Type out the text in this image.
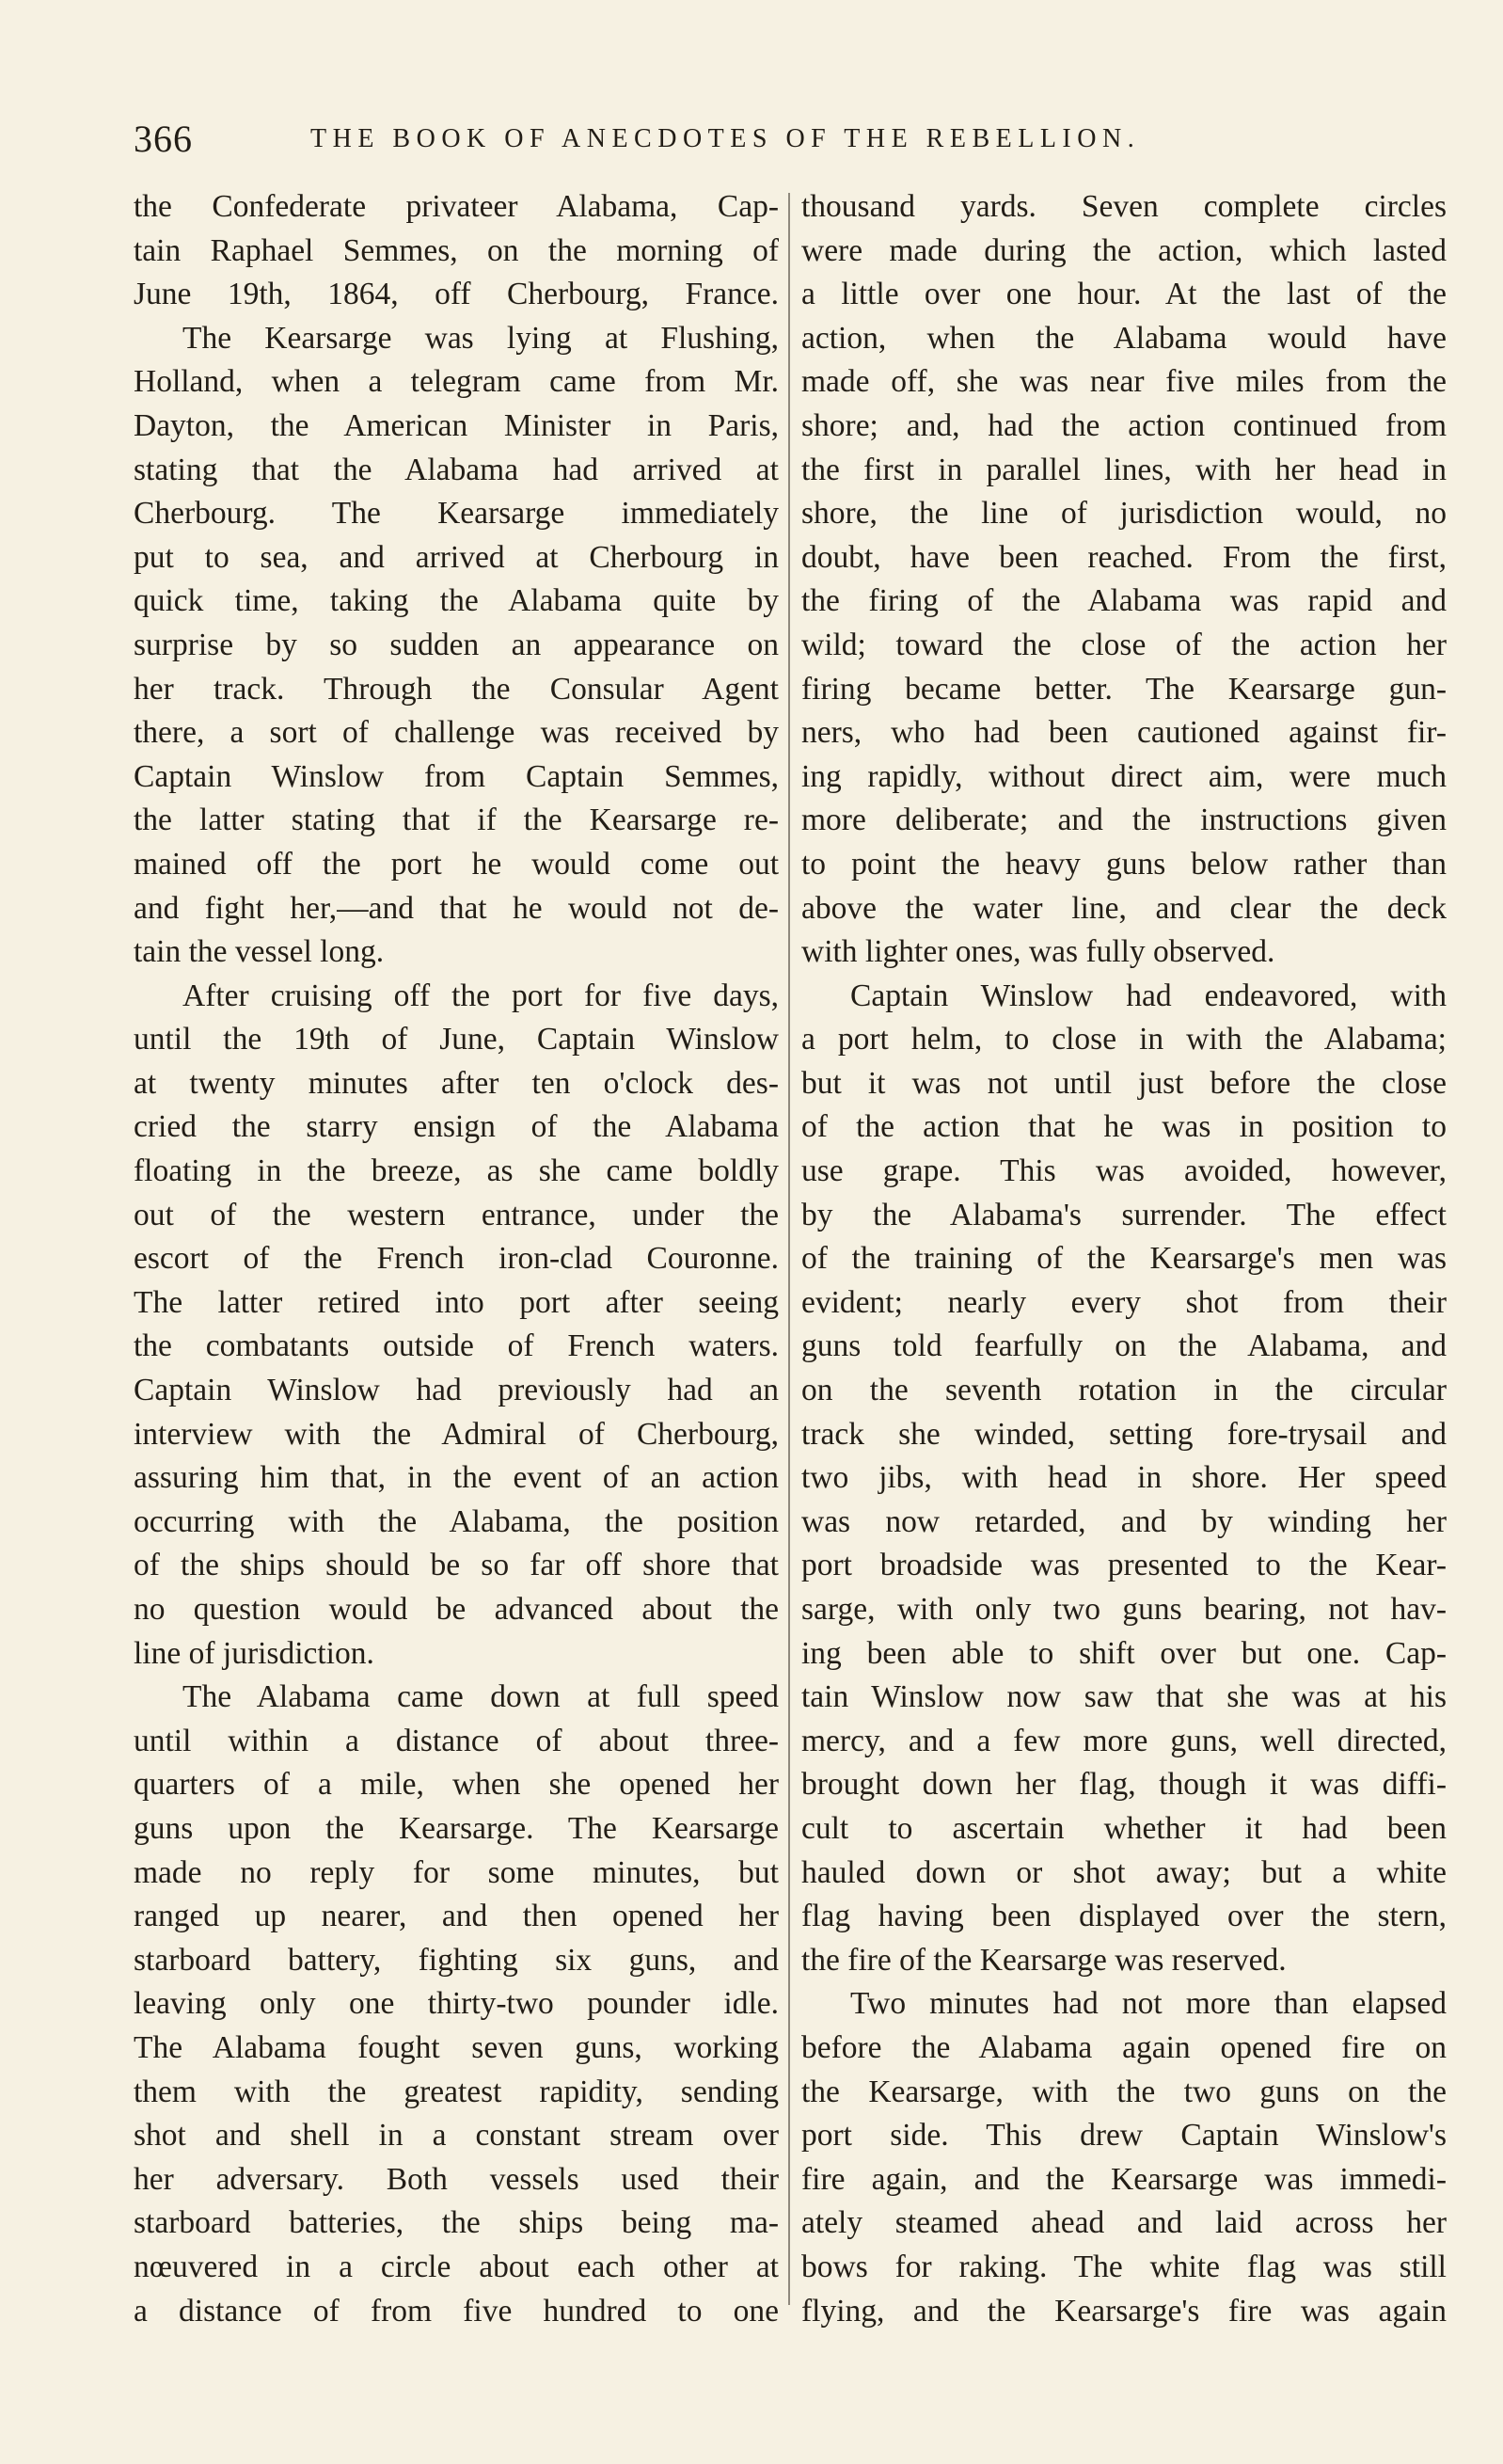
366	THE BOOK OF ANECDOTES OF THE REBELLION.
the Confederate privateer Alabama, Cap-
tain Raphael Semmes, on the morning of
June 19th, 1864, off Cherbourg, France.
The Kearsarge was lying at Flushing,
Holland, when a telegram came from Mr.
Dayton, the American Minister in Paris,
stating that the Alabama had arrived at
Cherbourg. The Kearsarge immediately
put to sea, and arrived at Cherbourg in
quick time, taking the Alabama quite by
surprise by so sudden an appearance on
her track. Through the Consular Agent
there, a sort of challenge was received by
Captain Winslow from Captain Semmes,
the latter stating that if the Kearsarge re-
mained off the port he would come out
and fight her,—and that he would not de-
tain the vessel long.
After cruising off the port for five days,
until the 19th of June, Captain Winslow
at twenty minutes after ten o'clock des-
cried the starry ensign of the Alabama
floating in the breeze, as she came boldly
out of the western entrance, under the
escort of the French iron-clad Couronne.
The latter retired into port after seeing
the combatants outside of French waters.
Captain Winslow had previously had an
interview with the Admiral of Cherbourg,
assuring him that, in the event of an action
occurring with the Alabama, the position
of the ships should be so far off shore that
no question would be advanced about the
line of jurisdiction.
The Alabama came down at full speed
until within a distance of about three-
quarters of a mile, when she opened her
guns upon the Kearsarge. The Kearsarge
made no reply for some minutes, but
ranged up nearer, and then opened her
starboard battery, fighting six guns, and
leaving only one thirty-two pounder idle.
The Alabama fought seven guns, working
them with the greatest rapidity, sending
shot and shell in a constant stream over
her adversary. Both vessels used their
starboard batteries, the ships being ma-
nœuvered in a circle about each other at
a distance of from five hundred to one
thousand yards. Seven complete circles
were made during the action, which lasted
a little over one hour. At the last of the
action, when the Alabama would have
made off, she was near five miles from the
shore; and, had the action continued from
the first in parallel lines, with her head in
shore, the line of jurisdiction would, no
doubt, have been reached. From the first,
the firing of the Alabama was rapid and
wild; toward the close of the action her
firing became better. The Kearsarge gun-
ners, who had been cautioned against fir-
ing rapidly, without direct aim, were much
more deliberate; and the instructions given
to point the heavy guns below rather than
above the water line, and clear the deck
with lighter ones, was fully observed.
Captain Winslow had endeavored, with
a port helm, to close in with the Alabama;
but it was not until just before the close
of the action that he was in position to
use grape. This was avoided, however,
by the Alabama's surrender. The effect
of the training of the Kearsarge's men was
evident; nearly every shot from their
guns told fearfully on the Alabama, and
on the seventh rotation in the circular
track she winded, setting fore-trysail and
two jibs, with head in shore. Her speed
was now retarded, and by winding her
port broadside was presented to the Kear-
sarge, with only two guns bearing, not hav-
ing been able to shift over but one. Cap-
tain Winslow now saw that she was at his
mercy, and a few more guns, well directed,
brought down her flag, though it was diffi-
cult to ascertain whether it had been
hauled down or shot away; but a white
flag having been displayed over the stern,
the fire of the Kearsarge was reserved.
Two minutes had not more than elapsed
before the Alabama again opened fire on
the Kearsarge, with the two guns on the
port side. This drew Captain Winslow's
fire again, and the Kearsarge was immedi-
ately steamed ahead and laid across her
bows for raking. The white flag was still
flying, and the Kearsarge's fire was again
